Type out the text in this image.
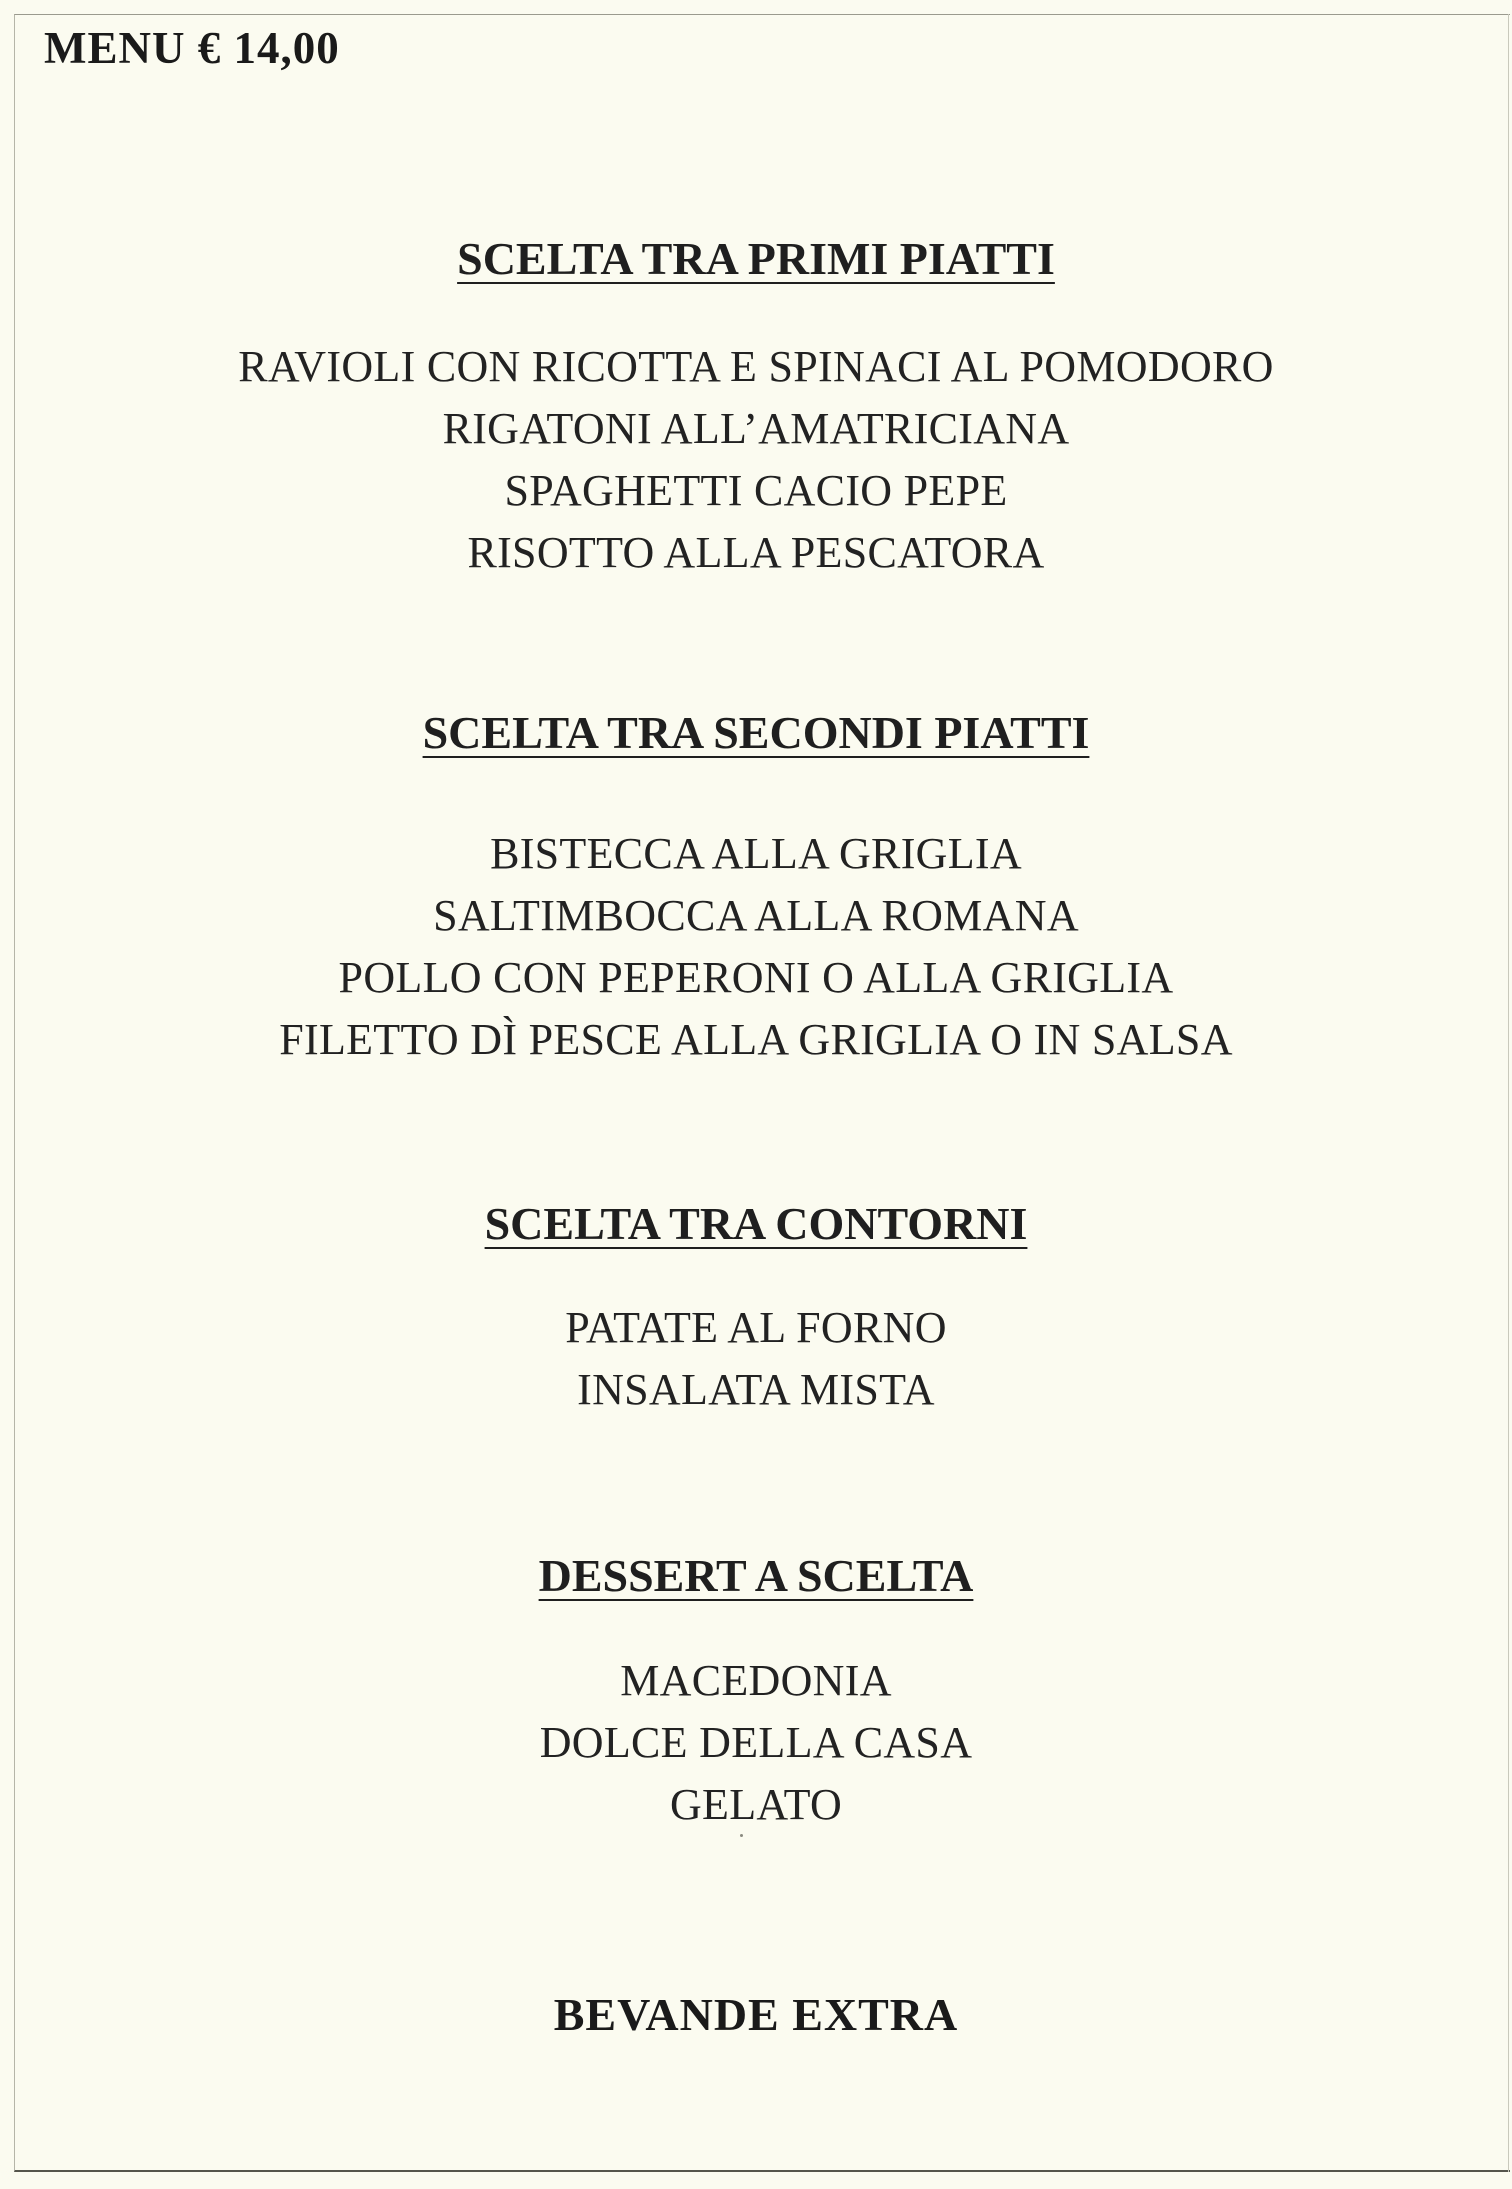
MENU € 14,00
SCELTA TRA PRIMI PIATTI
RAVIOLI CON RICOTTA E SPINACI AL POMODORO
RIGATONI ALL’AMATRICIANA
SPAGHETTI CACIO PEPE
RISOTTO ALLA PESCATORA
SCELTA TRA SECONDI PIATTI
BISTECCA ALLA GRIGLIA
SALTIMBOCCA ALLA ROMANA
POLLO CON PEPERONI O ALLA GRIGLIA
FILETTO DÌ PESCE ALLA GRIGLIA O IN SALSA
SCELTA TRA CONTORNI
PATATE AL FORNO
INSALATA MISTA
DESSERT A SCELTA
MACEDONIA
DOLCE DELLA CASA
GELATO
BEVANDE EXTRA
